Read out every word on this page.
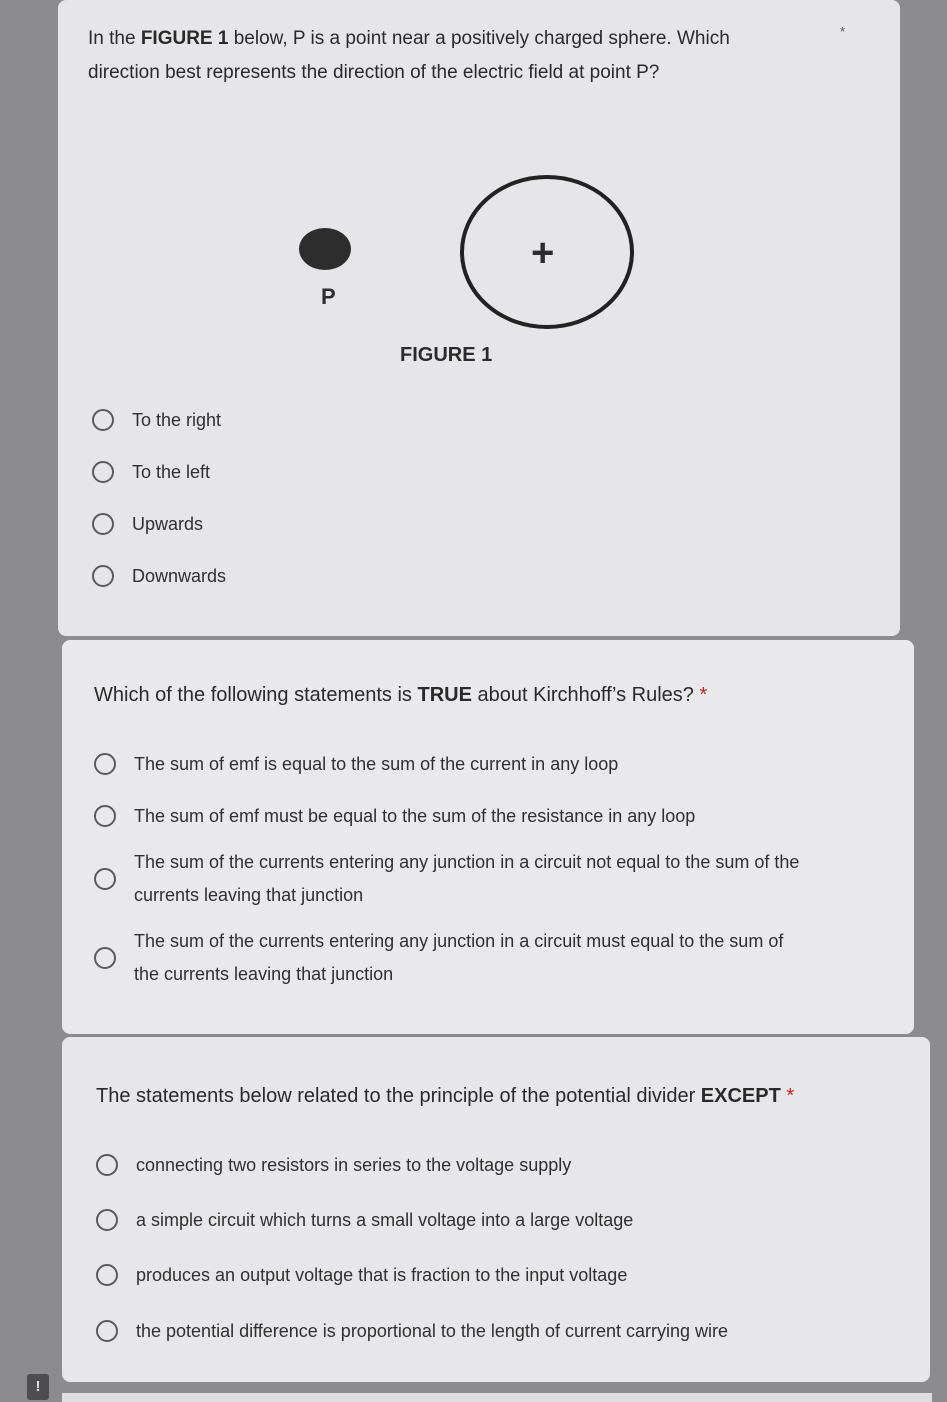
In the FIGURE 1 below, P is a point near a positively charged sphere. Which
direction best represents the direction of the electric field at point P?
*
To the right
To the left
Upwards
Downwards
P
+
FIGURE 1
Which of the following statements is TRUE about Kirchhoff’s Rules? *
The sum of emf is equal to the sum of the current in any loop
The sum of emf must be equal to the sum of the resistance in any loop
The sum of the currents entering any junction in a circuit not equal to the sum of the
currents leaving that junction
The sum of the currents entering any junction in a circuit must equal to the sum of
the currents leaving that junction
The statements below related to the principle of the potential divider EXCEPT *
connecting two resistors in series to the voltage supply
a simple circuit which turns a small voltage into a large voltage
produces an output voltage that is fraction to the input voltage
the potential difference is proportional to the length of current carrying wire
!
